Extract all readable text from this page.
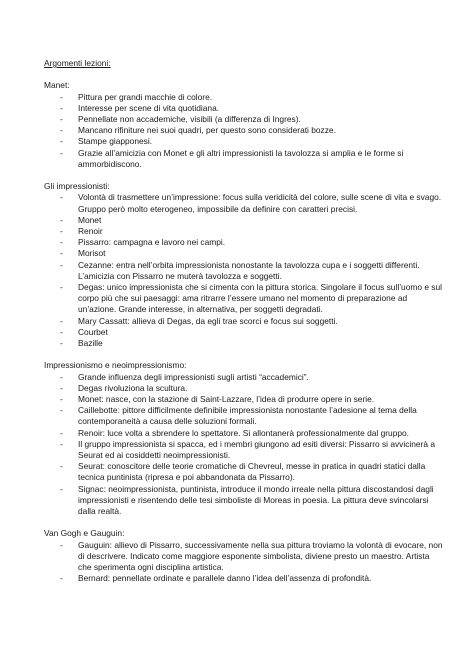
Argomenti lezioni:
Manet:
- Pittura per grandi macchie di colore.
- Interesse per scene di vita quotidiana.
- Pennellate non accademiche, visibili (a differenza di Ingres).
- Mancano rifiniture nei suoi quadri, per questo sono considerati bozze.
- Stampe giapponesi.
- Grazie all’amicizia con Monet e gli altri impressionisti la tavolozza si amplia e le forme si ammorbidiscono.
Gli impressionisti:
- Volontà di trasmettere un’impressione: focus sulla veridicità del colore, sulle scene di vita e svago. Gruppo però molto eterogeneo, impossibile da definire con caratteri precisi.
- Monet
- Renoir
- Pissarro: campagna e lavoro nei campi.
- Morisot
- Cezanne: entra nell’orbita impressionista nonostante la tavolozza cupa e i soggetti differenti. L’amicizia con Pissarro ne muterà tavolozza e soggetti.
- Degas: unico impressionista che si cimenta con la pittura storica. Singolare il focus sull’uomo e sul corpo più che sui paesaggi: ama ritrarre l’essere umano nel momento di preparazione ad un’azione. Grande interesse, in alternativa, per soggetti degradati.
- Mary Cassatt: allieva di Degas, da egli trae scorci e focus sui soggetti.
- Courbet
- Bazille
Impressionismo e neoimpressionismo:
- Grande influenza degli impressionisti sugli artisti “accademici”.
- Degas rivoluziona la scultura.
- Monet: nasce, con la stazione di Saint-Lazzare, l’idea di produrre opere in serie.
- Caillebotte: pittore difficilmente definibile impressionista nonostante l’adesione al tema della contemporaneità a causa delle soluzioni formali.
- Renoir: luce volta a sbrendere lo spettatore. Si allontanerà professionalmente dal gruppo.
- Il gruppo impressionista si spacca, ed i membri giungono ad esiti diversi: Pissarro si avvicinerà a Seurat ed ai cosiddetti neoimpressionisti.
- Seurat: conoscitore delle teorie cromatiche di Chevreul, messe in pratica in quadri statici dalla tecnica puntinista (ripresa e poi abbandonata da Pissarro).
- Signac: neoimpressionista, puntinista, introduce il mondo irreale nella pittura discostandosi dagli impressionisti e risentendo delle tesi simboliste di Moreas in poesia. La pittura deve svincolarsi dalla realtà.
Van Gogh e Gauguin:
- Gauguin: allievo di Pissarro, successivamente nella sua pittura troviamo la volontà di evocare, non di descrivere. Indicato come maggiore esponente simbolista, diviene presto un maestro. Artista che sperimenta ogni disciplina artistica.
- Bernard: pennellate ordinate e parallele danno l’idea dell’assenza di profondità.
